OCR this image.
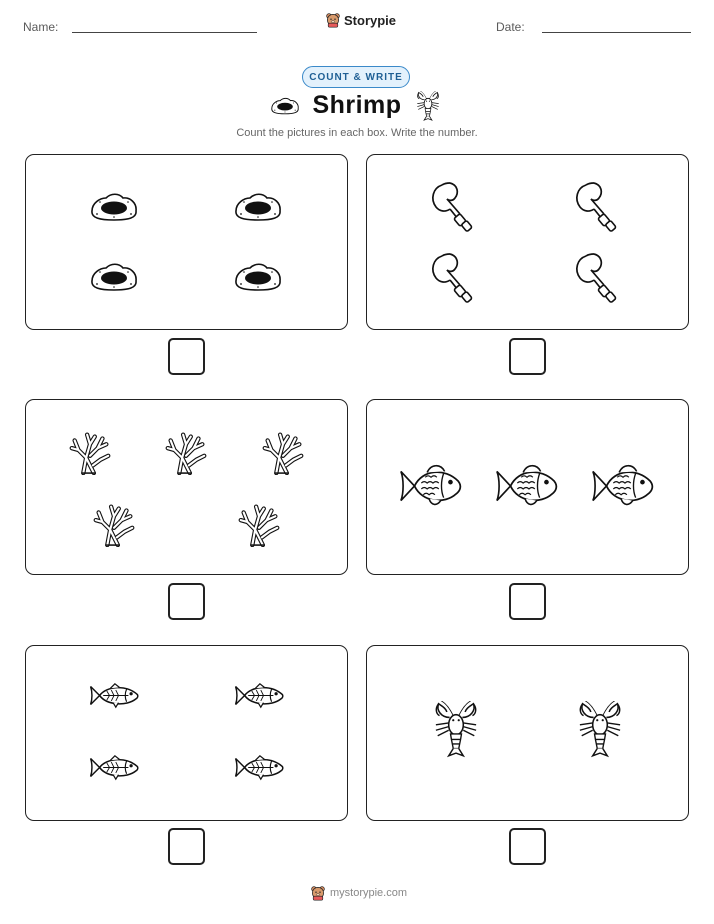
Name:	Storypie	Date:
COUNT & WRITE
Shrimp
Count the pictures in each box. Write the number.
mystorypie.com
